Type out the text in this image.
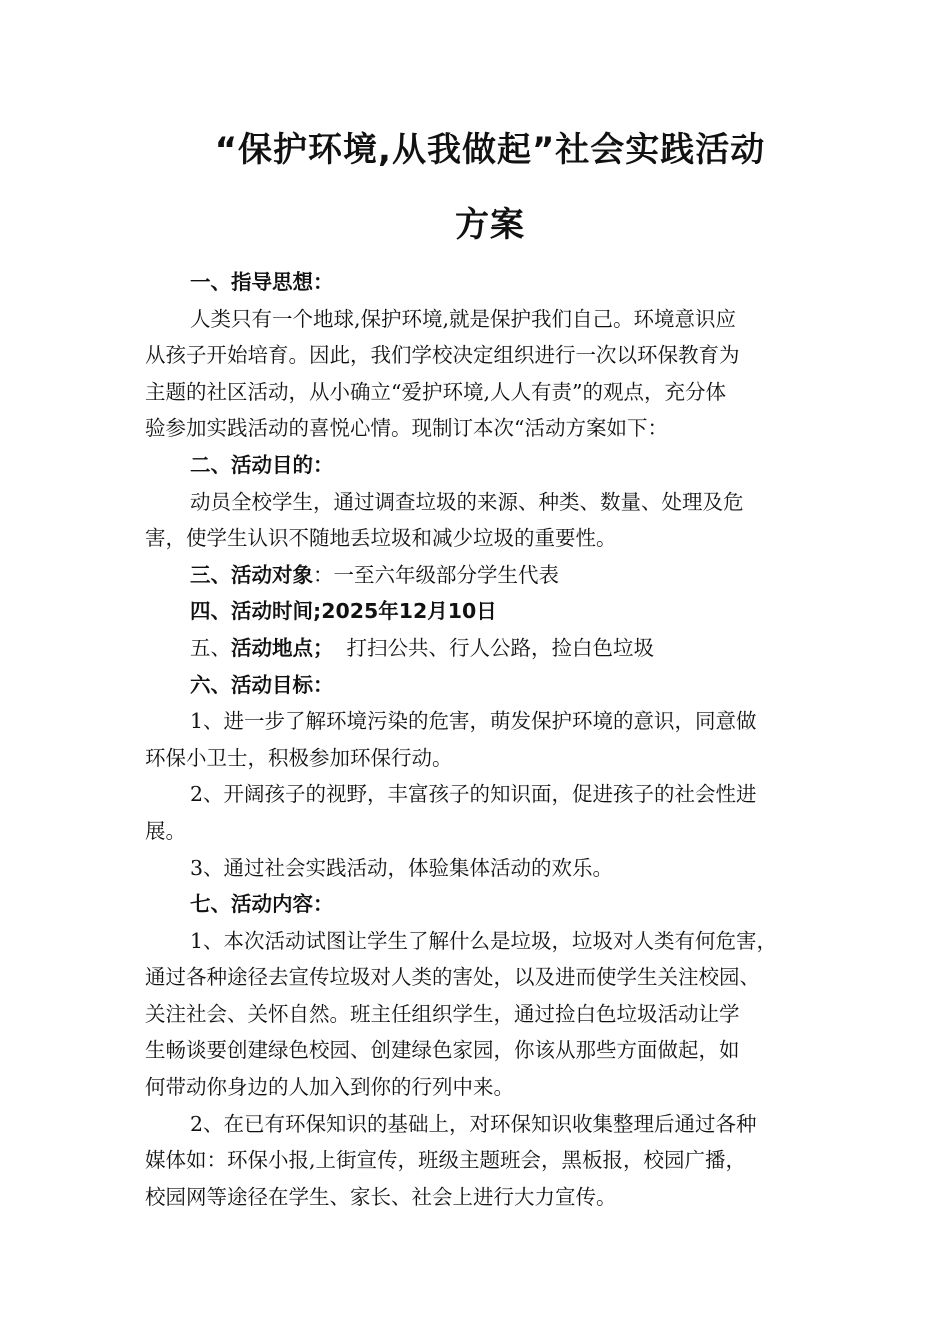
“保护环境,从我做起”社会实践活动
方案
一、指导思想：
人类只有一个地球,保护环境,就是保护我们自己。环境意识应
从孩子开始培育。因此，我们学校决定组织进行一次以环保教育为
主题的社区活动，从小确立“爱护环境,人人有责”的观点，充分体
验参加实践活动的喜悦心情。现制订本次“活动方案如下：
二、活动目的：
动员全校学生，通过调查垃圾的来源、种类、数量、处理及危
害，使学生认识不随地丢垃圾和减少垃圾的重要性。
三、活动对象：一至六年级部分学生代表
四、活动时间;2025年12月10日
五、活动地点；  打扫公共、行人公路，捡白色垃圾
六、活动目标：
1、进一步了解环境污染的危害，萌发保护环境的意识，同意做
环保小卫士，积极参加环保行动。
2、开阔孩子的视野，丰富孩子的知识面，促进孩子的社会性进
展。
3、通过社会实践活动，体验集体活动的欢乐。
七、活动内容：
1、本次活动试图让学生了解什么是垃圾，垃圾对人类有何危害，
通过各种途径去宣传垃圾对人类的害处，以及进而使学生关注校园、
关注社会、关怀自然。班主任组织学生，通过捡白色垃圾活动让学
生畅谈要创建绿色校园、创建绿色家园，你该从那些方面做起，如
何带动你身边的人加入到你的行列中来。
2、在已有环保知识的基础上，对环保知识收集整理后通过各种
媒体如：环保小报,上街宣传，班级主题班会，黑板报，校园广播，
校园网等途径在学生、家长、社会上进行大力宣传。
